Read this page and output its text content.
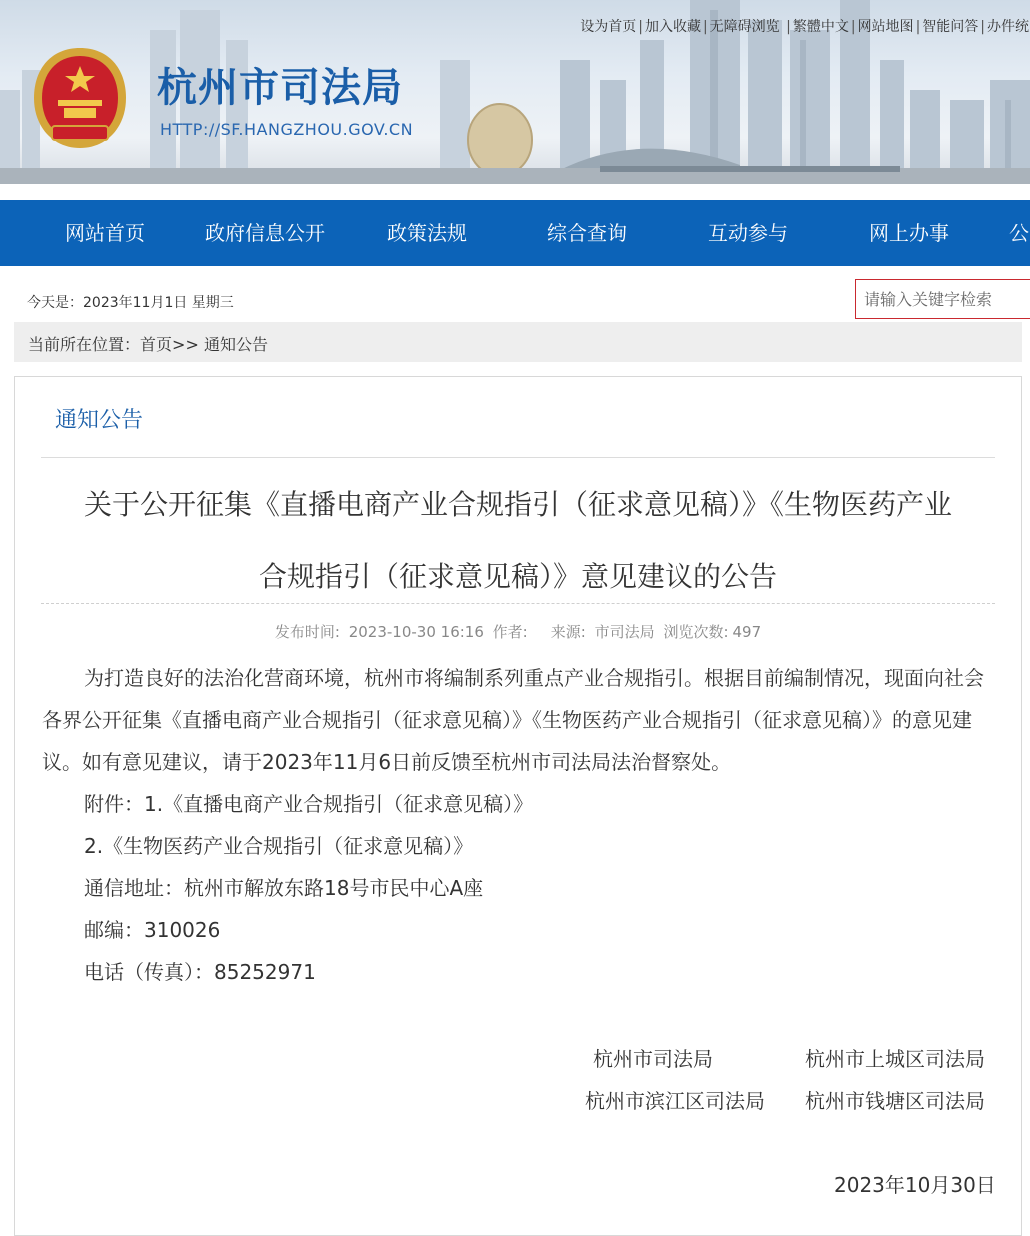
设为首页 | 加入收藏 | 无障碍浏览 | 繁體中文 | 网站地图 | 智能问答 | 办件统
杭州市司法局
HTTP://SF.HANGZHOU.GOV.CN
网站首页	政府信息公开	政策法规	综合查询	互动参与	网上办事	公
今天是：2023年11月1日 星期三
请输入关键字检索
当前所在位置：首页>> 通知公告
通知公告
关于公开征集《直播电商产业合规指引（征求意见稿）》《生物医药产业
合规指引（征求意见稿）》意见建议的公告
发布时间: 2023-10-30 16:16 作者: 来源: 市司法局 浏览次数: 497

为打造良好的法治化营商环境，杭州市将编制系列重点产业合规指引。根据目前编制情况，现面向社会各界公开征集《直播电商产业合规指引（征求意见稿）》《生物医药产业合规指引（征求意见稿）》的意见建议。如有意见建议，请于2023年11月6日前反馈至杭州市司法局法治督察处。

附件：1.《直播电商产业合规指引（征求意见稿）》

2.《生物医药产业合规指引（征求意见稿）》

通信地址：杭州市解放东路18号市民中心A座

邮编：310026

电话（传真）：85252971

杭州市司法局	杭州市上城区司法局
杭州市滨江区司法局 杭州市钱塘区司法局
2023年10月30日
